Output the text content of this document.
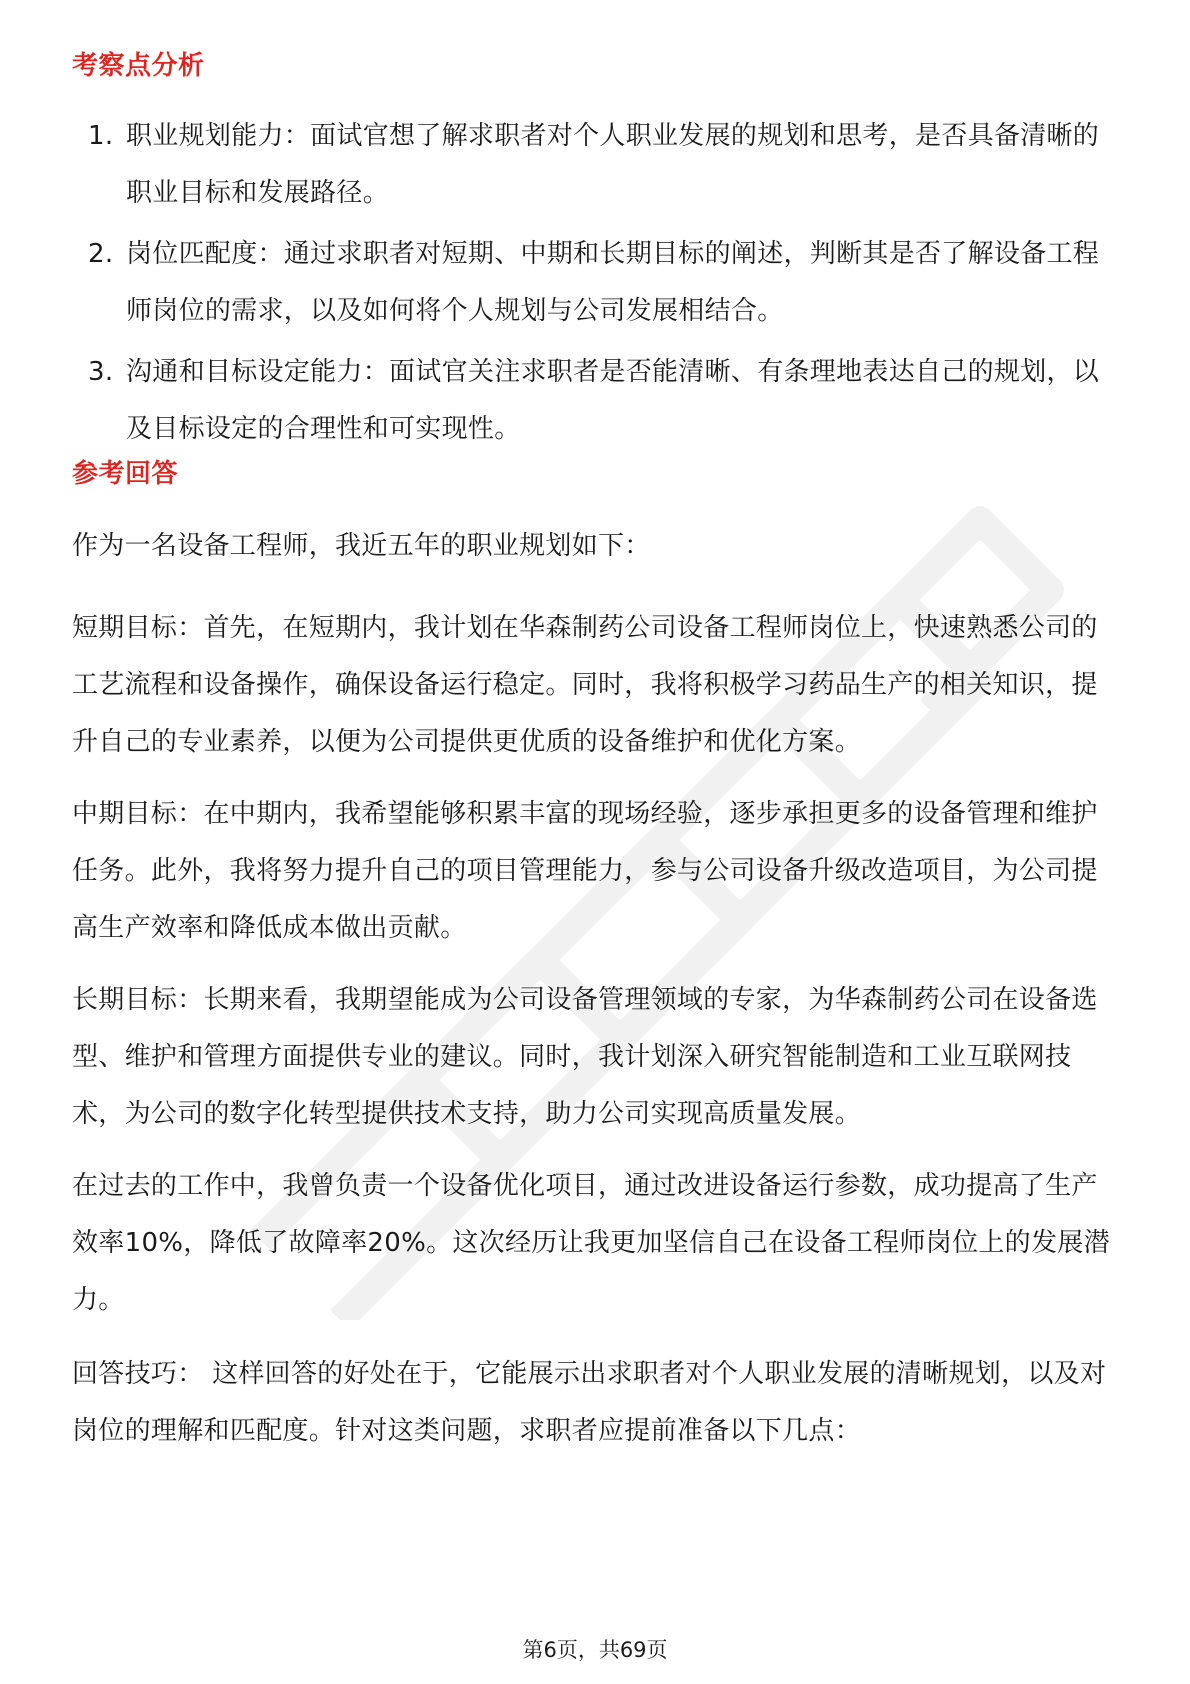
考察点分析
1. 职业规划能力：面试官想了解求职者对个人职业发展的规划和思考，是否具备清晰的职业目标和发展路径。
2. 岗位匹配度：通过求职者对短期、中期和长期目标的阐述，判断其是否了解设备工程师岗位的需求，以及如何将个人规划与公司发展相结合。
3. 沟通和目标设定能力：面试官关注求职者是否能清晰、有条理地表达自己的规划，以及目标设定的合理性和可实现性。
参考回答
作为一名设备工程师，我近五年的职业规划如下：
短期目标：首先，在短期内，我计划在华森制药公司设备工程师岗位上，快速熟悉公司的工艺流程和设备操作，确保设备运行稳定。同时，我将积极学习药品生产的相关知识，提升自己的专业素养，以便为公司提供更优质的设备维护和优化方案。
中期目标：在中期内，我希望能够积累丰富的现场经验，逐步承担更多的设备管理和维护任务。此外，我将努力提升自己的项目管理能力，参与公司设备升级改造项目，为公司提高生产效率和降低成本做出贡献。
长期目标：长期来看，我期望能成为公司设备管理领域的专家，为华森制药公司在设备选型、维护和管理方面提供专业的建议。同时，我计划深入研究智能制造和工业互联网技术，为公司的数字化转型提供技术支持，助力公司实现高质量发展。
在过去的工作中，我曾负责一个设备优化项目，通过改进设备运行参数，成功提高了生产效率10%，降低了故障率20%。这次经历让我更加坚信自己在设备工程师岗位上的发展潜力。
回答技巧： 这样回答的好处在于，它能展示出求职者对个人职业发展的清晰规划，以及对岗位的理解和匹配度。针对这类问题，求职者应提前准备以下几点：
第6页，共69页
